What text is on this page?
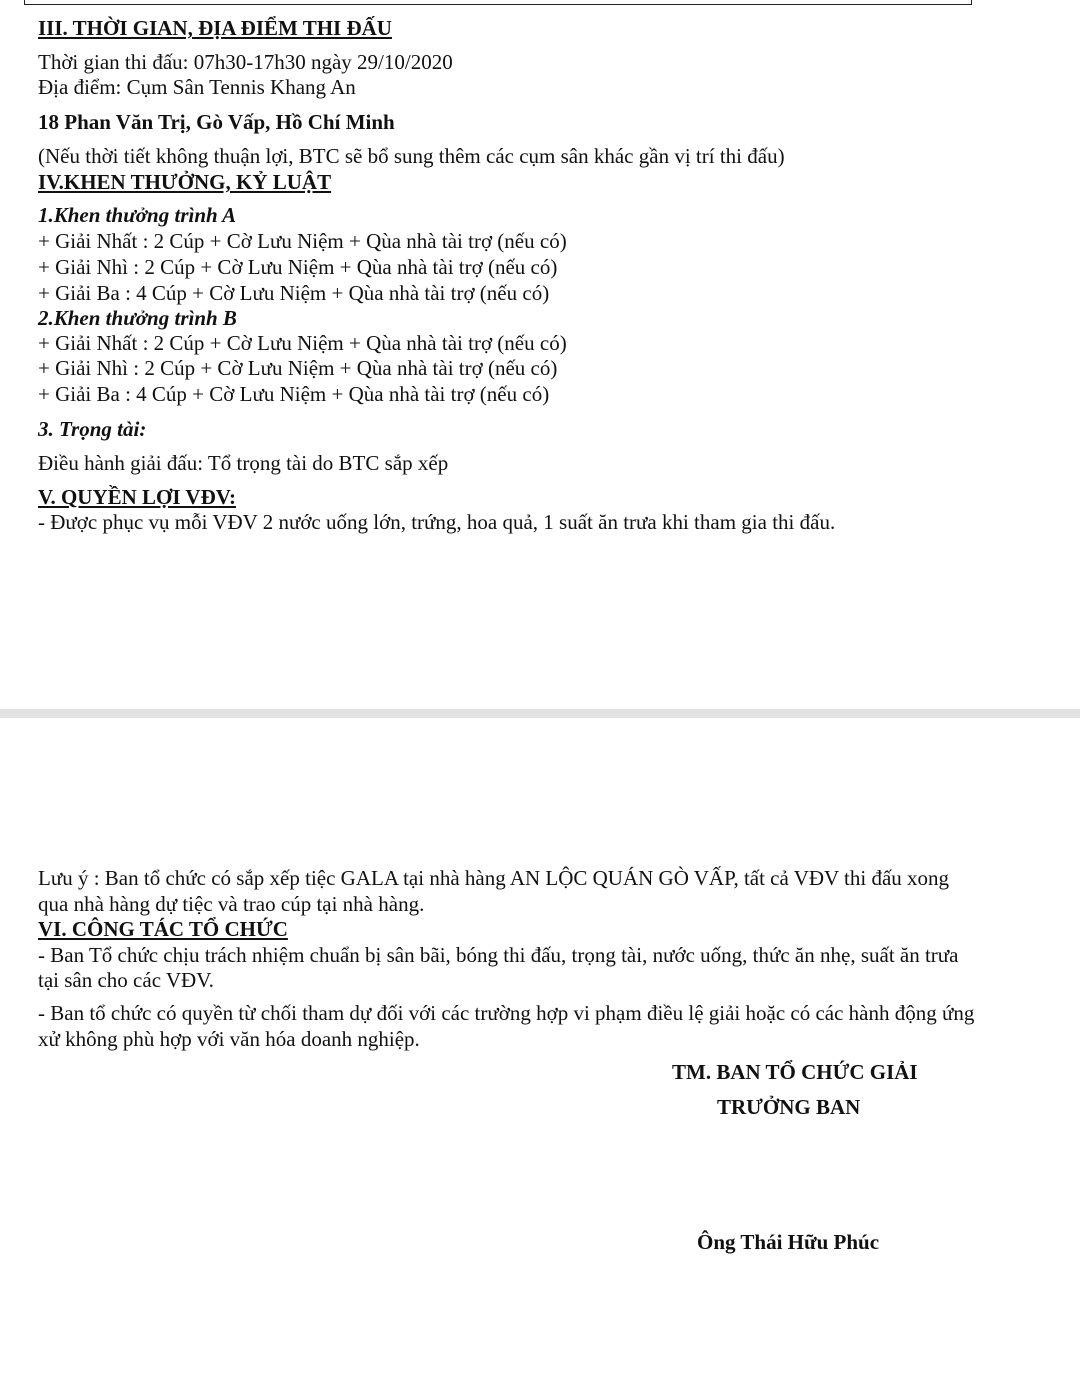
III. THỜI GIAN, ĐỊA ĐIỂM THI ĐẤU
Thời gian thi đấu: 07h30-17h30 ngày 29/10/2020
Địa điểm: Cụm Sân Tennis Khang An
18 Phan Văn Trị, Gò Vấp, Hồ Chí Minh
(Nếu thời tiết không thuận lợi, BTC sẽ bổ sung thêm các cụm sân khác gần vị trí thi đấu)
IV.KHEN THƯỞNG, KỶ LUẬT
1.Khen thưởng trình A
+ Giải Nhất : 2 Cúp + Cờ Lưu Niệm + Qùa nhà tài trợ (nếu có)
+ Giải Nhì : 2 Cúp + Cờ Lưu Niệm + Qùa nhà tài trợ (nếu có)
+ Giải Ba : 4 Cúp + Cờ Lưu Niệm + Qùa nhà tài trợ (nếu có)
2.Khen thưởng trình B
+ Giải Nhất : 2 Cúp + Cờ Lưu Niệm + Qùa nhà tài trợ (nếu có)
+ Giải Nhì : 2 Cúp + Cờ Lưu Niệm + Qùa nhà tài trợ (nếu có)
+ Giải Ba : 4 Cúp + Cờ Lưu Niệm + Qùa nhà tài trợ (nếu có)
3. Trọng tài:
Điều hành giải đấu: Tổ trọng tài do BTC sắp xếp
V. QUYỀN LỢI VĐV:
- Được phục vụ mỗi VĐV 2 nước uống lớn, trứng, hoa quả, 1 suất ăn trưa khi tham gia thi đấu.
Lưu ý : Ban tổ chức có sắp xếp tiệc GALA tại nhà hàng AN LỘC QUÁN GÒ VẤP, tất cả VĐV thi đấu xong
qua nhà hàng dự tiệc và trao cúp tại nhà hàng.
VI. CÔNG TÁC TỔ CHỨC
- Ban Tổ chức chịu trách nhiệm chuẩn bị sân bãi, bóng thi đấu, trọng tài, nước uống, thức ăn nhẹ, suất ăn trưa
tại sân cho các VĐV.
- Ban tổ chức có quyền từ chối tham dự đối với các trường hợp vi phạm điều lệ giải hoặc có các hành động ứng
xử không phù hợp với văn hóa doanh nghiệp.
TM. BAN TỔ CHỨC GIẢI
TRƯỞNG BAN
Ông Thái Hữu Phúc
